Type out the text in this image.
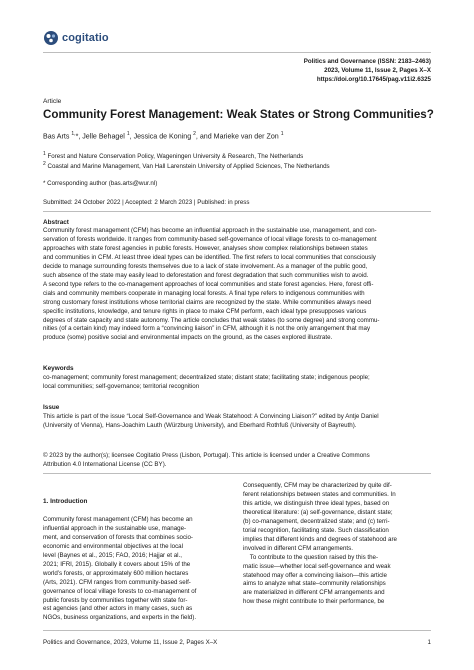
cogitatio
Politics and Governance (ISSN: 2183–2463)
2023, Volume 11, Issue 2, Pages X–X
https://doi.org/10.17645/pag.v11i2.6325
Article
Community Forest Management: Weak States or Strong Communities?
Bas Arts $^{1,}$*, Jelle Behagel $^1$, Jessica de Koning $^2$, and Marieke van der Zon $^1$
$^1$ Forest and Nature Conservation Policy, Wageningen University & Research, The Netherlands
$^2$ Coastal and Marine Management, Van Hall Larenstein University of Applied Sciences, The Netherlands
* Corresponding author (bas.arts@wur.nl)
Submitted: 24 October 2022 | Accepted: 2 March 2023 | Published: in press
Abstract
Community forest management (CFM) has become an influential approach in the sustainable use, management, and con-
servation of forests worldwide. It ranges from community-based self-governance of local village forests to co-management
approaches with state forest agencies in public forests. However, analyses show complex relationships between states
and communities in CFM. At least three ideal types can be identified. The first refers to local communities that consciously
decide to manage surrounding forests themselves due to a lack of state involvement. As a manager of the public good,
such absence of the state may easily lead to deforestation and forest degradation that such communities wish to avoid.
A second type refers to the co-management approaches of local communities and state forest agencies. Here, forest offi-
cials and community members cooperate in managing local forests. A final type refers to indigenous communities with
strong customary forest institutions whose territorial claims are recognized by the state. While communities always need
specific institutions, knowledge, and tenure rights in place to make CFM perform, each ideal type presupposes various
degrees of state capacity and state autonomy. The article concludes that weak states (to some degree) and strong commu-
nities (of a certain kind) may indeed form a “convincing liaison” in CFM, although it is not the only arrangement that may
produce (some) positive social and environmental impacts on the ground, as the cases explored illustrate.
Keywords
co-management; community forest management; decentralized state; distant state; facilitating state; indigenous people;
local communities; self-governance; territorial recognition
Issue
This article is part of the issue “Local Self-Governance and Weak Statehood: A Convincing Liaison?” edited by Antje Daniel
(University of Vienna), Hans-Joachim Lauth (Würzburg University), and Eberhard Rothfuß (University of Bayreuth).
© 2023 by the author(s); licensee Cogitatio Press (Lisbon, Portugal). This article is licensed under a Creative Commons
Attribution 4.0 International License (CC BY).
1. Introduction
Community forest management (CFM) has become an
influential approach in the sustainable use, manage-
ment, and conservation of forests that combines socio-
economic and environmental objectives at the local
level (Baynes et al., 2015; FAO, 2016; Hajjar et al.,
2021; IFRI, 2015). Globally it covers about 15% of the
world’s forests, or approximately 600 million hectares
(Arts, 2021). CFM ranges from community-based self-
governance of local village forests to co-management of
public forests by communities together with state for-
est agencies (and other actors in many cases, such as
NGOs, business organizations, and experts in the field).
Consequently, CFM may be characterized by quite dif-
ferent relationships between states and communities. In
this article, we distinguish three ideal types, based on
theoretical literature: (a) self-governance, distant state;
(b) co-management, decentralized state; and (c) terri-
torial recognition, facilitating state. Such classification
implies that different kinds and degrees of statehood are
involved in different CFM arrangements.
To contribute to the question raised by this the-
matic issue—whether local self-governance and weak
statehood may offer a convincing liaison—this article
aims to analyze what state–community relationships
are materialized in different CFM arrangements and
how these might contribute to their performance, be
Politics and Governance, 2023, Volume 11, Issue 2, Pages X–X	1
